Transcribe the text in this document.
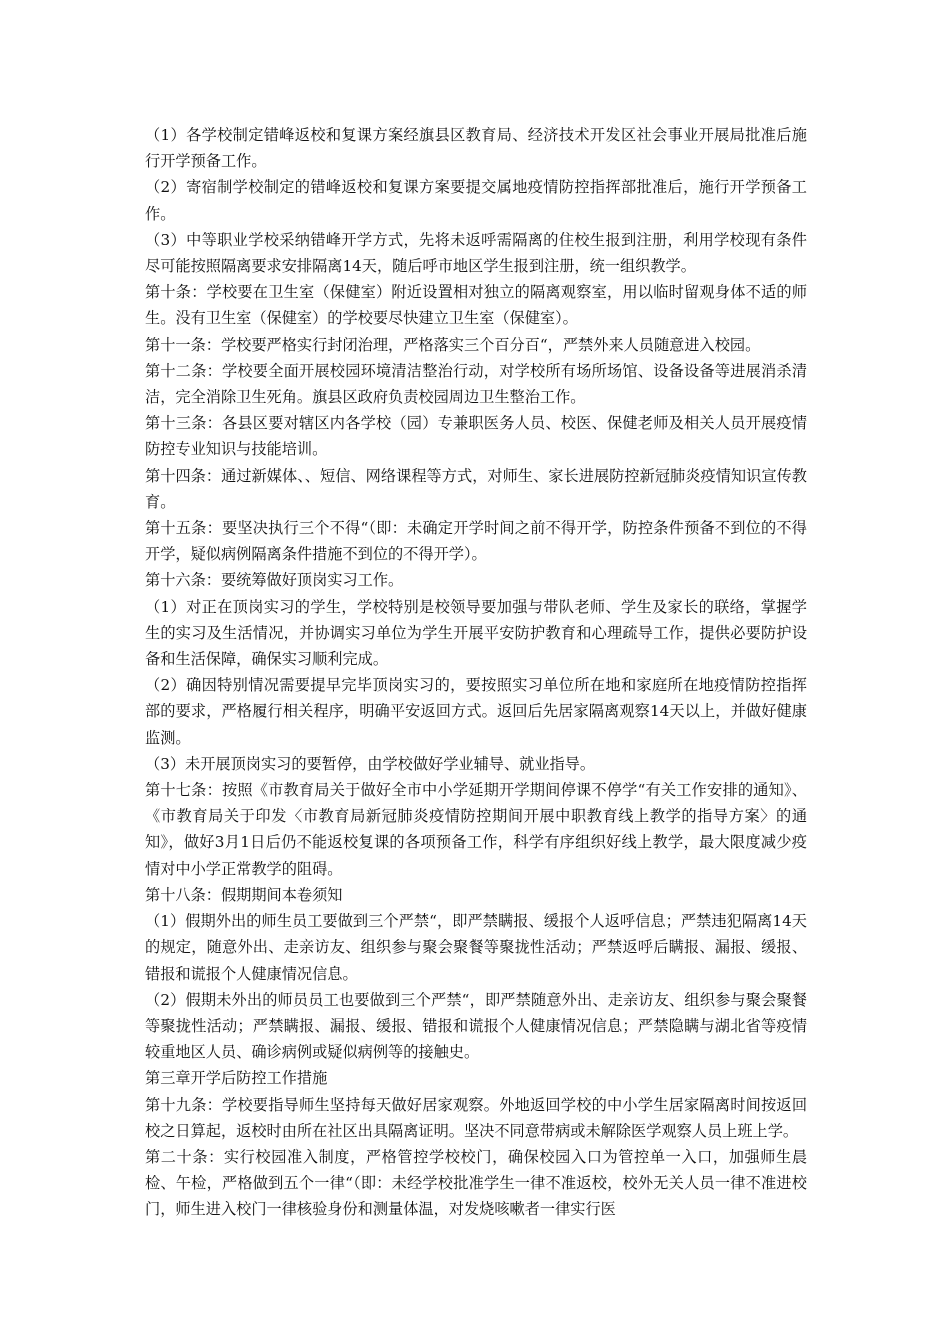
（1）各学校制定错峰返校和复课方案经旗县区教育局、经济技术开发区社会事业开展局批准后施行开学预备工作。

（2）寄宿制学校制定的错峰返校和复课方案要提交属地疫情防控指挥部批准后，施行开学预备工作。

（3）中等职业学校采纳错峰开学方式，先将未返呼需隔离的住校生报到注册，利用学校现有条件尽可能按照隔离要求安排隔离14天，随后呼市地区学生报到注册，统一组织教学。

第十条：学校要在卫生室（保健室）附近设置相对独立的隔离观察室，用以临时留观身体不适的师生。没有卫生室（保健室）的学校要尽快建立卫生室（保健室）。

第十一条：学校要严格实行封闭治理，严格落实三个百分百“，严禁外来人员随意进入校园。

第十二条：学校要全面开展校园环境清洁整治行动，对学校所有场所场馆、设备设备等进展消杀清洁，完全消除卫生死角。旗县区政府负责校园周边卫生整治工作。

第十三条：各县区要对辖区内各学校（园）专兼职医务人员、校医、保健老师及相关人员开展疫情防控专业知识与技能培训。

第十四条：通过新媒体、、短信、网络课程等方式，对师生、家长进展防控新冠肺炎疫情知识宣传教育。

第十五条：要坚决执行三个不得“（即：未确定开学时间之前不得开学，防控条件预备不到位的不得开学，疑似病例隔离条件措施不到位的不得开学）。

第十六条：要统筹做好顶岗实习工作。

（1）对正在顶岗实习的学生，学校特别是校领导要加强与带队老师、学生及家长的联络，掌握学生的实习及生活情况，并协调实习单位为学生开展平安防护教育和心理疏导工作，提供必要防护设备和生活保障，确保实习顺利完成。

（2）确因特别情况需要提早完毕顶岗实习的，要按照实习单位所在地和家庭所在地疫情防控指挥部的要求，严格履行相关程序，明确平安返回方式。返回后先居家隔离观察14天以上，并做好健康监测。

（3）未开展顶岗实习的要暂停，由学校做好学业辅导、就业指导。

第十七条：按照《市教育局关于做好全市中小学延期开学期间停课不停学“有关工作安排的通知》、《市教育局关于印发〈市教育局新冠肺炎疫情防控期间开展中职教育线上教学的指导方案〉的通知》，做好3月1日后仍不能返校复课的各项预备工作，科学有序组织好线上教学，最大限度减少疫情对中小学正常教学的阻碍。

第十八条：假期期间本卷须知

（1）假期外出的师生员工要做到三个严禁“，即严禁瞒报、缓报个人返呼信息；严禁违犯隔离14天的规定，随意外出、走亲访友、组织参与聚会聚餐等聚拢性活动；严禁返呼后瞒报、漏报、缓报、错报和谎报个人健康情况信息。

（2）假期未外出的师员员工也要做到三个严禁“，即严禁随意外出、走亲访友、组织参与聚会聚餐等聚拢性活动；严禁瞒报、漏报、缓报、错报和谎报个人健康情况信息；严禁隐瞒与湖北省等疫情较重地区人员、确诊病例或疑似病例等的接触史。

第三章开学后防控工作措施

第十九条：学校要指导师生坚持每天做好居家观察。外地返回学校的中小学生居家隔离时间按返回校之日算起，返校时由所在社区出具隔离证明。坚决不同意带病或未解除医学观察人员上班上学。

第二十条：实行校园准入制度，严格管控学校校门，确保校园入口为管控单一入口，加强师生晨检、午检，严格做到五个一律“（即：未经学校批准学生一律不准返校，校外无关人员一律不准进校门，师生进入校门一律核验身份和测量体温，对发烧咳嗽者一律实行医
